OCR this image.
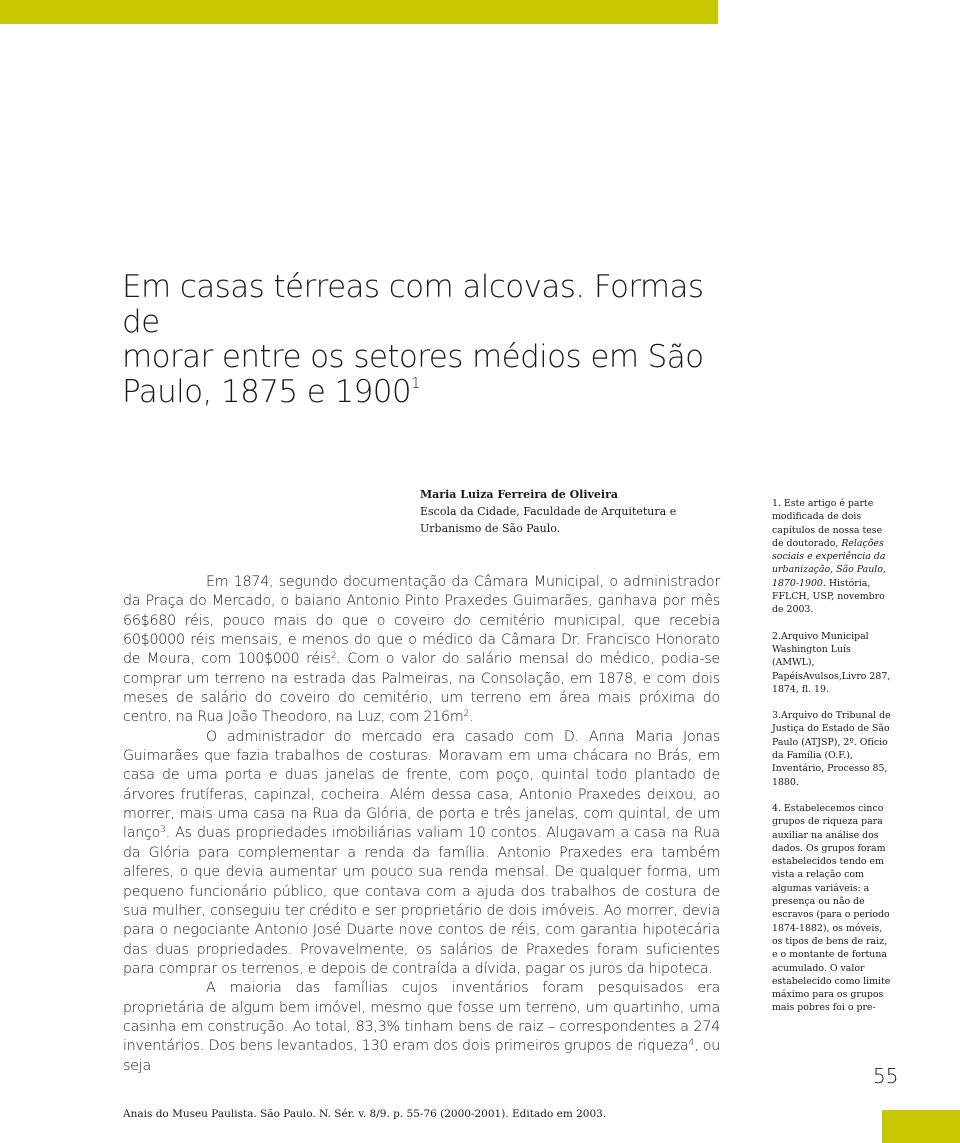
Em casas térreas com alcovas. Formas de
morar entre os setores médios em São
Paulo, 1875 e 1900$^1$
Maria Luiza Ferreira de Oliveira
Escola da Cidade, Faculdade de Arquitetura e
Urbanismo de São Paulo.

Em 1874, segundo documentação da Câmara Municipal, o administrador da Praça do Mercado, o baiano Antonio Pinto Praxedes Guimarães, ganhava por mês 66$680 réis, pouco mais do que o coveiro do cemitério municipal, que recebia 60$0000 réis mensais, e menos do que o médico da Câmara Dr. Francisco Honorato de Moura, com 100$000 réis$^2$. Com o valor do salário mensal do médico, podia-se comprar um terreno na estrada das Palmeiras, na Consolação, em 1878, e com dois meses de salário do coveiro do cemitério, um terreno em área mais próxima do centro, na Rua João Theodoro, na Luz, com $216m^2$.

O administrador do mercado era casado com D. Anna Maria Jonas Guimarães que fazia trabalhos de costuras. Moravam em uma chácara no Brás, em casa de uma porta e duas janelas de frente, com poço, quintal todo plantado de árvores frutíferas, capinzal, cocheira. Além dessa casa, Antonio Praxedes deixou, ao morrer, mais uma casa na Rua da Glória, de porta e três janelas, com quintal, de um lanço$^3$. As duas propriedades imobiliárias valiam 10 contos. Alugavam a casa na Rua da Glória para complementar a renda da família. Antonio Praxedes era também alferes, o que devia aumentar um pouco sua renda mensal. De qualquer forma, um pequeno funcionário público, que contava com a ajuda dos trabalhos de costura de sua mulher, conseguiu ter crédito e ser proprietário de dois imóveis. Ao morrer, devia para o negociante Antonio José Duarte nove contos de réis, com garantia hipotecária das duas propriedades. Provavelmente, os salários de Praxedes foram suficientes para comprar os terrenos, e depois de contraída a dívida, pagar os juros da hipoteca.

A maioria das famílias cujos inventários foram pesquisados era proprietária de algum bem imóvel, mesmo que fosse um terreno, um quartinho, uma casinha em construção. Ao total, 83,3% tinham bens de raiz – correspondentes a 274 inventários. Dos bens levantados, 130 eram dos dois primeiros grupos de riqueza$^4$, ou seja

1. Este artigo é parte modificada de dois capítulos de nossa tese de doutorado, Relações sociais e experiência da urbanização, São Paulo, 1870-1900. História, FFLCH, USP, novembro de 2003.

2.Arquivo Municipal Washington Luís (AMWL), PapéisAvulsos,Livro 287, 1874, fl. 19.

3.Arquivo do Tribunal de Justiça do Estado de São Paulo (ATJSP), 2º. Ofício da Família (O.F.), Inventário, Processo 85, 1880.

4. Estabelecemos cinco grupos de riqueza para auxiliar na análise dos dados. Os grupos foram estabelecidos tendo em vista a relação com algumas variáveis: a presença ou não de escravos (para o período 1874-1882), os móveis, os tipos de bens de raiz, e o montante de fortuna acumulado. O valor estabelecido como limite máximo para os grupos mais pobres foi o pre-

55
Anais do Museu Paulista. São Paulo. N. Sér. v. 8/9. p. 55-76 (2000-2001). Editado em 2003.
